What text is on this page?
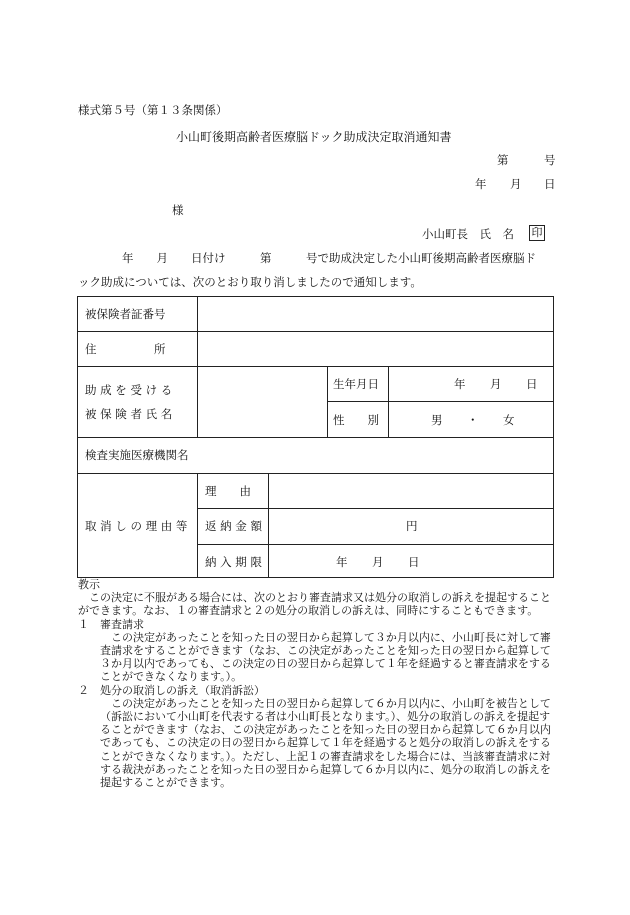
様式第５号（第１３条関係）
小山町後期高齢者医療脳ドック助成決定取消通知書
第	号
年 月 日
様
小山町長　氏　名 印
年　　月　　日付け　　　第　　　号で助成決定した小山町後期高齢者医療脳ド
ック助成については、次のとおり取り消しましたので通知します。
被保険者証番号
住　　　　　所
助 成 を 受 け る
被 保 険 者 氏 名
生年月日	年 月 日
性　　別	男 ・ 女
検査実施医療機関名
取 消 し の 理 由 等
理　　由
返 納 金 額	円
納 入 期 限	年 月 日

教示

この決定に不服がある場合には、次のとおり審査請求又は処分の取消しの訴えを提起することができます。なお、１の審査請求と２の処分の取消しの訴えは、同時にすることもできます。

１　審査請求

この決定があったことを知った日の翌日から起算して３か月以内に、小山町長に対して審査請求をすることができます（なお、この決定があったことを知った日の翌日から起算して３か月以内であっても、この決定の日の翌日から起算して１年を経過すると審査請求をすることができなくなります。）。

２　処分の取消しの訴え（取消訴訟）

この決定があったことを知った日の翌日から起算して６か月以内に、小山町を被告として（訴訟において小山町を代表する者は小山町長となります。）、処分の取消しの訴えを提起することができます（なお、この決定があったことを知った日の翌日から起算して６か月以内であっても、この決定の日の翌日から起算して１年を経過すると処分の取消しの訴えをすることができなくなります。）。ただし、上記１の審査請求をした場合には、当該審査請求に対する裁決があったことを知った日の翌日から起算して６か月以内に、処分の取消しの訴えを提起することができます。
